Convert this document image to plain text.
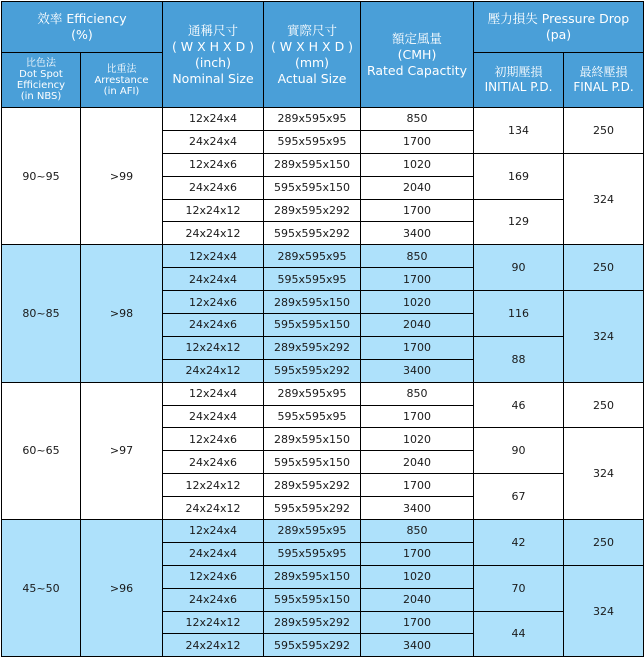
效率 Efficiency
(%)		通稱尺寸
( W X H X D )
(inch)
Nominal Size	實際尺寸
( W X H X D )
(mm)
Actual Size	額定風量
(CMH)
Rated Capactity	壓力損失 Pressure Drop
(pa)	

比色法
Dot Spot
Efficiency
(in NBS)	比重法
Arrestance
(in AFI)				初期壓損
INITIAL P.D.	最終壓損
FINAL P.D.

90~95	>99	12x24x4	289x595x95	850	134	250
		24x24x4	595x595x95	1700		
		12x24x6	289x595x150	1020	169	324
		24x24x6	595x595x150	2040		
		12x24x12	289x595x292	1700	129	
		24x24x12	595x595x292	3400		
80~85	>98	12x24x4	289x595x95	850	90	250
		24x24x4	595x595x95	1700		
		12x24x6	289x595x150	1020	116	324
		24x24x6	595x595x150	2040		
		12x24x12	289x595x292	1700	88	
		24x24x12	595x595x292	3400		
60~65	>97	12x24x4	289x595x95	850	46	250
		24x24x4	595x595x95	1700		
		12x24x6	289x595x150	1020	90	324
		24x24x6	595x595x150	2040		
		12x24x12	289x595x292	1700	67	
		24x24x12	595x595x292	3400		
45~50	>96	12x24x4	289x595x95	850	42	250
		24x24x4	595x595x95	1700		
		12x24x6	289x595x150	1020	70	324
		24x24x6	595x595x150	2040		
		12x24x12	289x595x292	1700	44	
		24x24x12	595x595x292	3400		
